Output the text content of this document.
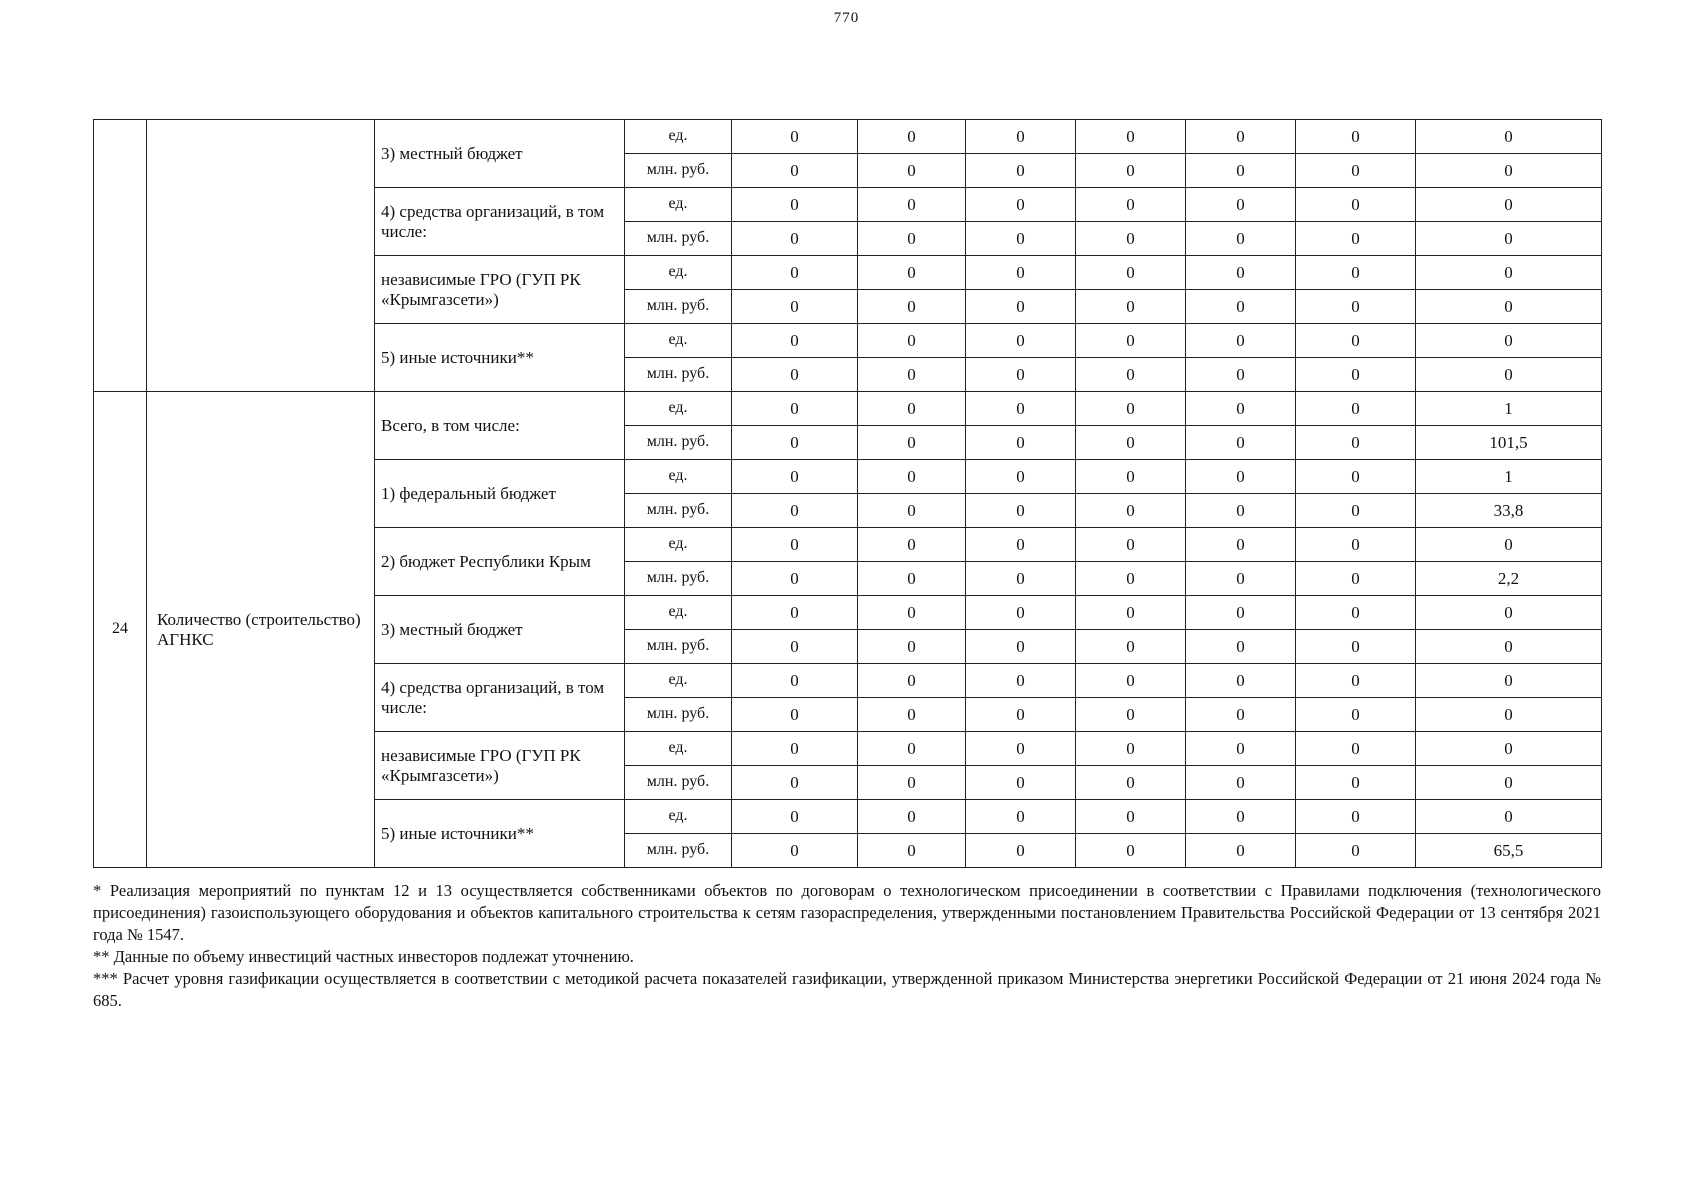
770
		3) местный бюджет	ед.	0	0	0	0	0	0	0
			млн. руб.	0	0	0	0	0	0	0
		4) средства организаций, в том числе:	ед.	0	0	0	0	0	0	0
			млн. руб.	0	0	0	0	0	0	0
		независимые ГРО (ГУП РК «Крымгазсети»)	ед.	0	0	0	0	0	0	0
			млн. руб.	0	0	0	0	0	0	0
		5) иные источники**	ед.	0	0	0	0	0	0	0
			млн. руб.	0	0	0	0	0	0	0
24	Количество (строительство) АГНКС	Всего, в том числе:	ед.	0	0	0	0	0	0	1
			млн. руб.	0	0	0	0	0	0	101,5
		1) федеральный бюджет	ед.	0	0	0	0	0	0	1
			млн. руб.	0	0	0	0	0	0	33,8
		2) бюджет Республики Крым	ед.	0	0	0	0	0	0	0
			млн. руб.	0	0	0	0	0	0	2,2
		3) местный бюджет	ед.	0	0	0	0	0	0	0
			млн. руб.	0	0	0	0	0	0	0
		4) средства организаций, в том числе:	ед.	0	0	0	0	0	0	0
			млн. руб.	0	0	0	0	0	0	0
		независимые ГРО (ГУП РК «Крымгазсети»)	ед.	0	0	0	0	0	0	0
			млн. руб.	0	0	0	0	0	0	0
		5) иные источники**	ед.	0	0	0	0	0	0	0
			млн. руб.	0	0	0	0	0	0	65,5

* Реализация мероприятий по пунктам 12 и 13 осуществляется собственниками объектов по договорам о технологическом присоединении в соответствии с Правилами подключения (технологического присоединения) газоиспользующего оборудования и объектов капитального строительства к сетям газораспределения, утвержденными постановлением Правительства Российской Федерации от 13 сентября 2021 года № 1547.

** Данные по объему инвестиций частных инвесторов подлежат уточнению.

*** Расчет уровня газификации осуществляется в соответствии с методикой расчета показателей газификации, утвержденной приказом Министерства энергетики Российской Федерации от 21 июня 2024 года № 685.
